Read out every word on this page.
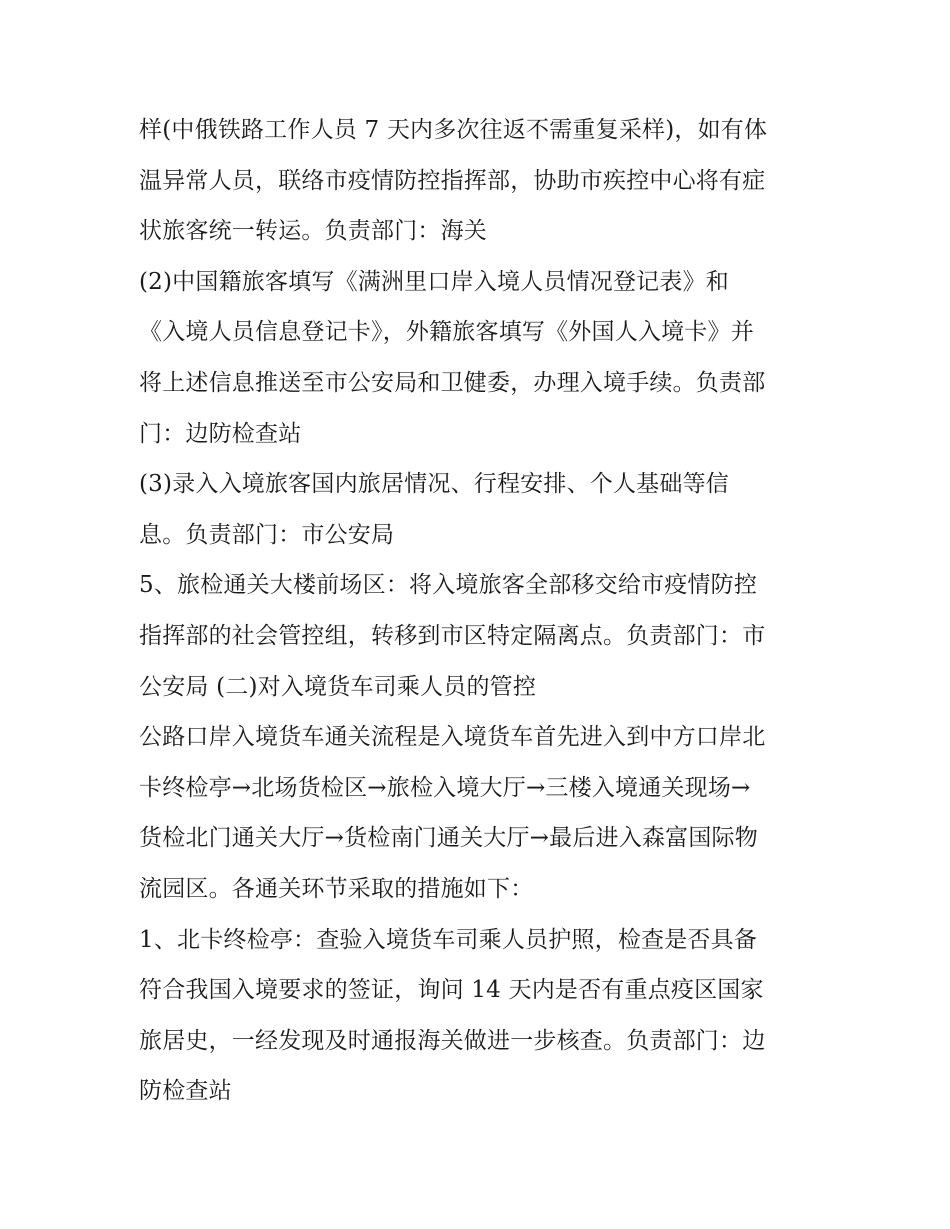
样(中俄铁路工作人员 7 天内多次往返不需重复采样)，如有体
温异常人员，联络市疫情防控指挥部，协助市疾控中心将有症
状旅客统一转运。负责部门：海关
(2)中国籍旅客填写《满洲里口岸入境人员情况登记表》和
《入境人员信息登记卡》，外籍旅客填写《外国人入境卡》并
将上述信息推送至市公安局和卫健委，办理入境手续。负责部
门：边防检查站
(3)录入入境旅客国内旅居情况、行程安排、个人基础等信
息。负责部门：市公安局
5、旅检通关大楼前场区：将入境旅客全部移交给市疫情防控
指挥部的社会管控组，转移到市区特定隔离点。负责部门：市
公安局 (二)对入境货车司乘人员的管控
公路口岸入境货车通关流程是入境货车首先进入到中方口岸北
卡终检亭→北场货检区→旅检入境大厅→三楼入境通关现场→
货检北门通关大厅→货检南门通关大厅→最后进入森富国际物
流园区。各通关环节采取的措施如下：
1、北卡终检亭：查验入境货车司乘人员护照，检查是否具备
符合我国入境要求的签证，询问 14 天内是否有重点疫区国家
旅居史，一经发现及时通报海关做进一步核查。负责部门：边
防检查站
